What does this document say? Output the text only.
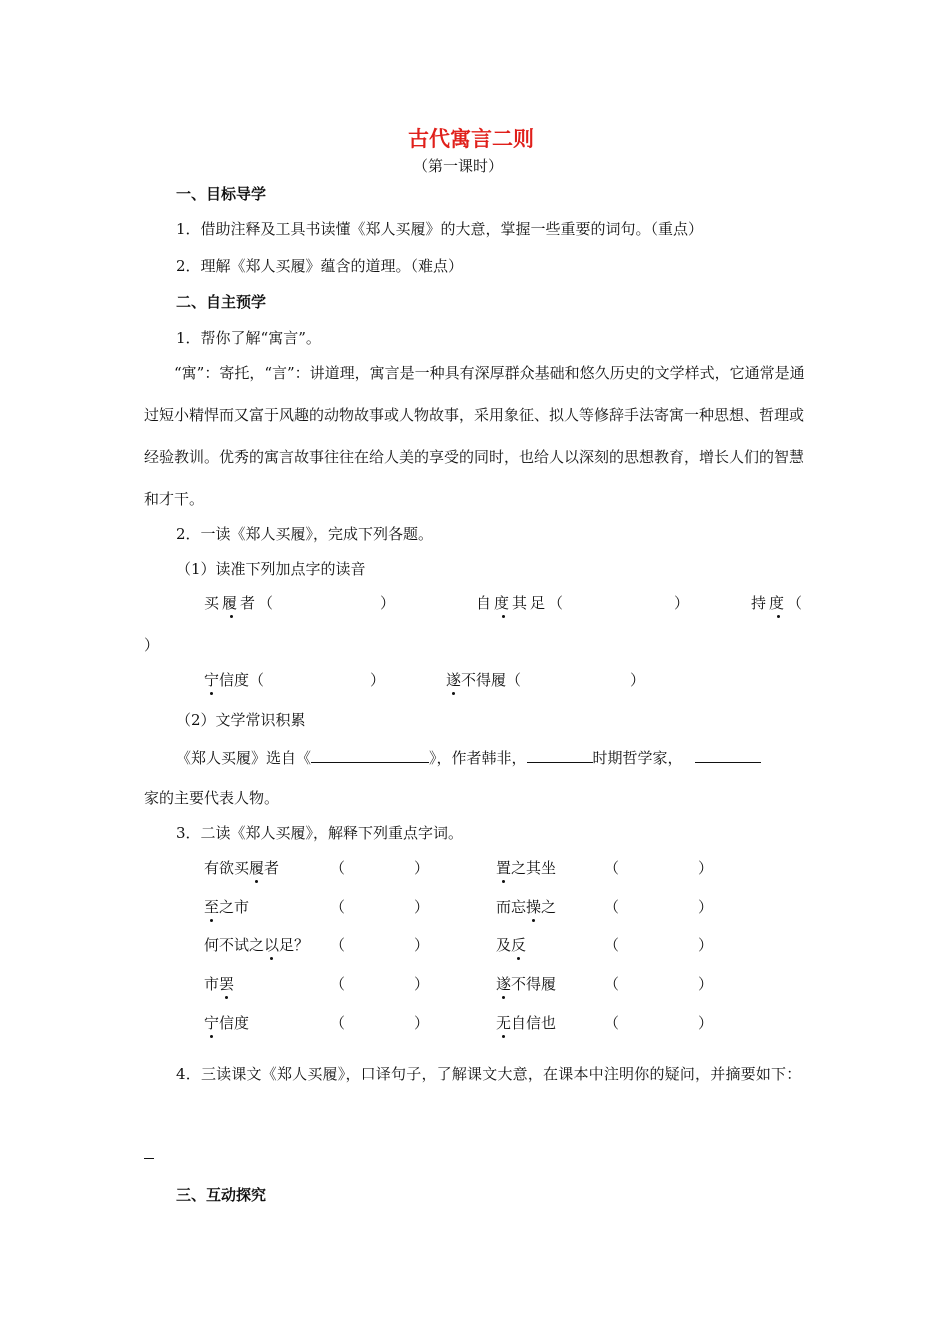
古代寓言二则
（第一课时）
一、目标导学
1．借助注释及工具书读懂《郑人买履》的大意，掌握一些重要的词句。（重点）
2．理解《郑人买履》蕴含的道理。（难点）
二、自主预学
1．帮你了解“寓言”。
“寓”：寄托，“言”：讲道理，寓言是一种具有深厚群众基础和悠久历史的文学样式，它通常是通过短小精悍而又富于风趣的动物故事或人物故事，采用象征、拟人等修辞手法寄寓一种思想、哲理或经验教训。优秀的寓言故事往往在给人美的享受的同时，也给人以深刻的思想教育，增长人们的智慧和才干。
2．一读《郑人买履》，完成下列各题。
（1）读准下列加点字的读音
买履者（	）	自度其足（	）	持度（
）
宁信度（	）	遂不得履（	）
（2）文学常识积累
《郑人买履》选自《	》，作者韩非，	时期哲学家，
家的主要代表人物。
3．二读《郑人买履》，解释下列重点字词。
有欲买履者	（	）	置之其坐	（	）
至之市	（	）	而忘操之	（	）
何不试之以足？ （	）	及反	（	）
市罢	（	）	遂不得履	（	）
宁信度	（	）	无自信也	（	）
4．三读课文《郑人买履》，口译句子，了解课文大意，在课本中注明你的疑问，并摘要如下：
三、互动探究
